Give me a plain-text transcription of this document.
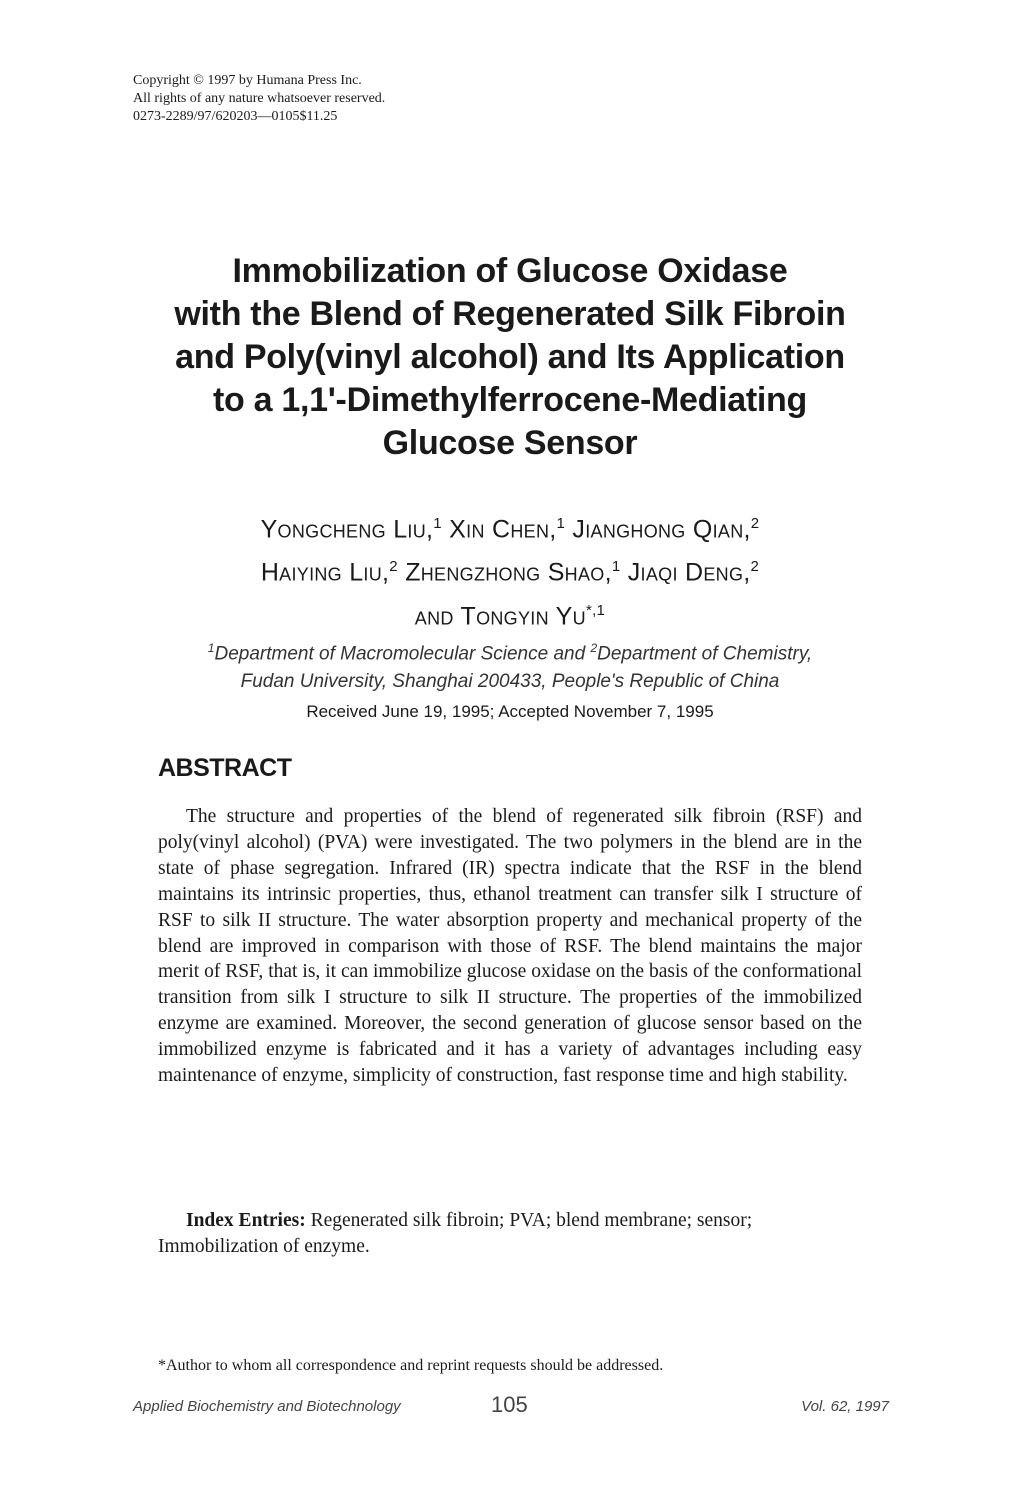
Copyright © 1997 by Humana Press Inc.
All rights of any nature whatsoever reserved.
0273-2289/97/620203—0105$11.25
Immobilization of Glucose Oxidase
with the Blend of Regenerated Silk Fibroin
and Poly(vinyl alcohol) and Its Application
to a 1,1'-Dimethylferrocene-Mediating
Glucose Sensor
Yongcheng Liu,$^1$ Xin Chen,$^1$ Jianghong Qian,$^2$
Haiying Liu,$^2$ Zhengzhong Shao,$^1$ Jiaqi Deng,$^2$
and Tongyin $Yu^{*,1}$
$^1$Department of Macromolecular Science and $^2$Department of Chemistry,
Fudan University, Shanghai 200433, People's Republic of China
Received June 19, 1995; Accepted November 7, 1995
ABSTRACT

The structure and properties of the blend of regenerated silk fibroin (RSF) and poly(vinyl alcohol) (PVA) were investigated. The two polymers in the blend are in the state of phase segregation. Infrared (IR) spectra indicate that the RSF in the blend maintains its intrinsic properties, thus, ethanol treatment can transfer silk I structure of RSF to silk II structure. The water absorption property and mechanical property of the blend are improved in comparison with those of RSF. The blend maintains the major merit of RSF, that is, it can immobilize glucose oxidase on the basis of the conformational transition from silk I structure to silk II structure. The properties of the immobilized enzyme are examined. Moreover, the second generation of glucose sensor based on the immobilized enzyme is fabricated and it has a variety of advantages including easy maintenance of enzyme, simplicity of construction, fast response time and high stability.

Index Entries: Regenerated silk fibroin; PVA; blend membrane; sensor; Immobilization of enzyme.

*Author to whom all correspondence and reprint requests should be addressed.
Applied Biochemistry and Biotechnology	105	Vol. 62, 1997
